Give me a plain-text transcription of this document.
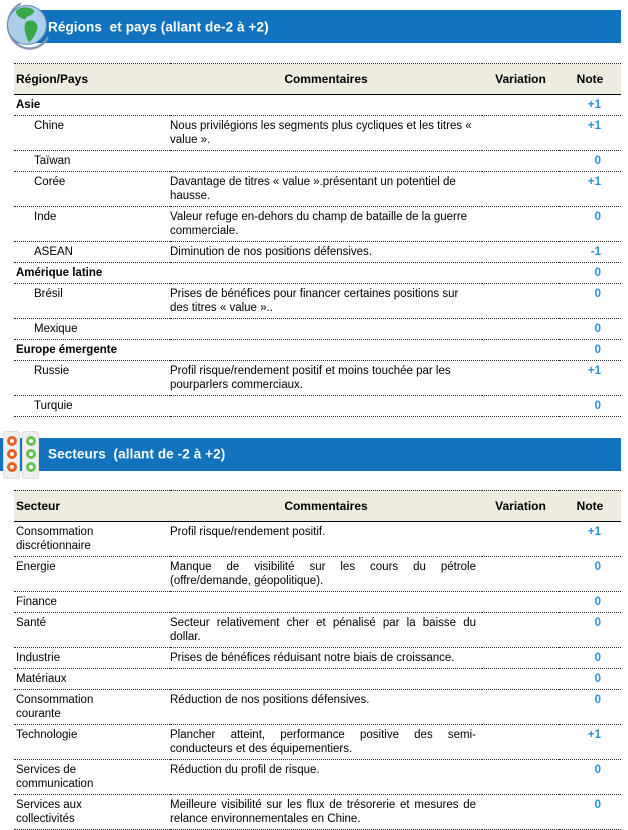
Régions  et pays (allant de-2 à +2)
Région/Pays	Commentaires	Variation	Note
Asie			+1
Chine	Nous privilégions les segments plus cycliques et les titres « value ».		+1
Taïwan			0
Corée	Davantage de titres « value ».présentant un potentiel de hausse.		+1
Inde	Valeur refuge en-dehors du champ de bataille de la guerre commerciale.		0
ASEAN	Diminution de nos positions défensives.		-1
Amérique latine			0
Brésil	Prises de bénéfices pour financer certaines positions sur des titres « value »..		0
Mexique			0
Europe émergente			0
Russie	Profil risque/rendement positif et moins touchée par les pourparlers commerciaux.		+1
Turquie			0
Secteurs  (allant de -2 à +2)
Secteur	Commentaires	Variation	Note
Consommation discrétionnaire	Profil risque/rendement positif.		+1
Energie	Manque de visibilité sur les cours du pétrole (offre/demande, géopolitique).		0
Finance			0
Santé	Secteur relativement cher et pénalisé par la baisse du dollar.		0
Industrie	Prises de bénéfices réduisant notre biais de croissance.		0
Matériaux			0
Consommation courante	Réduction de nos positions défensives.		0
Technologie	Plancher atteint, performance positive des semi-conducteurs et des équipementiers.		+1
Services de communication	Réduction du profil de risque.		0
Services aux collectivités	Meilleure visibilité sur les flux de trésorerie et mesures de relance environnementales en Chine.		0
